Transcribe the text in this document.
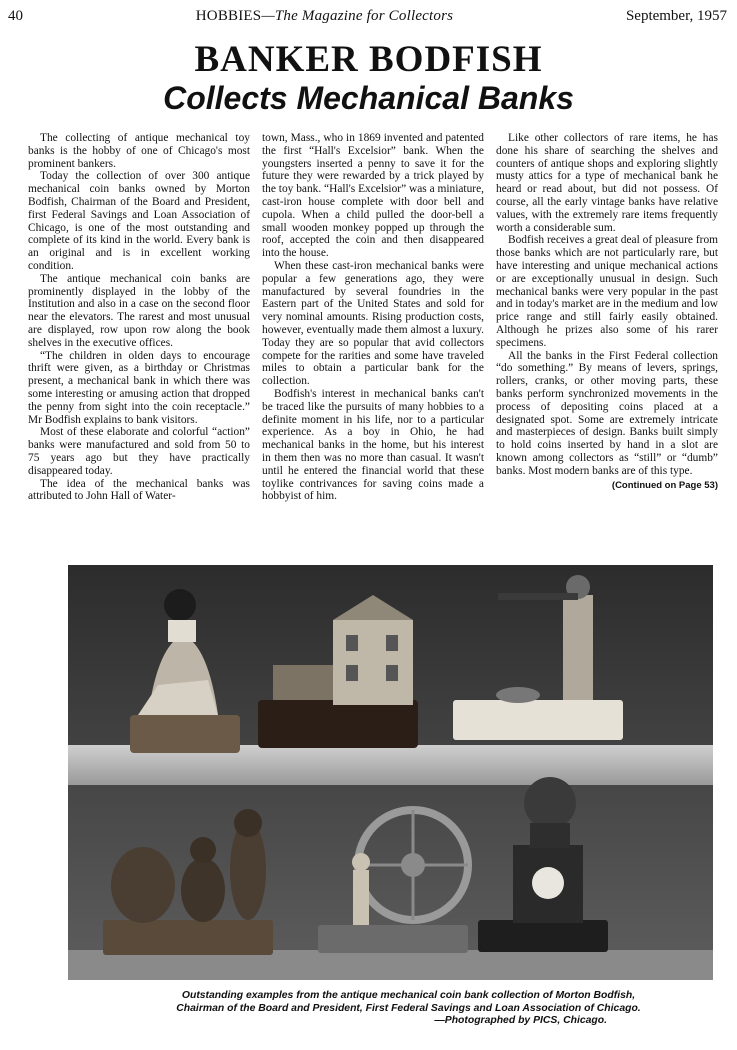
40	HOBBIES—The Magazine for Collectors	September, 1957
BANKER BODFISH
Collects Mechanical Banks

The collecting of antique mechanical toy banks is the hobby of one of Chicago's most prominent bankers.

Today the collection of over 300 antique mechanical coin banks owned by Morton Bodfish, Chairman of the Board and President, first Federal Savings and Loan Association of Chicago, is one of the most outstanding and complete of its kind in the world. Every bank is an original and is in excellent working condition.

The antique mechanical coin banks are prominently displayed in the lobby of the Institution and also in a case on the second floor near the elevators. The rarest and most unusual are displayed, row upon row along the book shelves in the executive offices.

“The children in olden days to encourage thrift were given, as a birthday or Christmas present, a mechanical bank in which there was some interesting or amusing action that dropped the penny from sight into the coin receptacle.” Mr Bodfish explains to bank visitors.

Most of these elaborate and colorful “action” banks were manufactured and sold from 50 to 75 years ago but they have practically disappeared today.

The idea of the mechanical banks was attributed to John Hall of Water-

town, Mass., who in 1869 invented and patented the first “Hall's Excelsior” bank. When the youngsters inserted a penny to save it for the future they were rewarded by a trick played by the toy bank. “Hall's Excelsior” was a miniature, cast-iron house complete with door bell and cupola. When a child pulled the door-bell a small wooden monkey popped up through the roof, accepted the coin and then disappeared into the house.

When these cast-iron mechanical banks were popular a few generations ago, they were manufactured by several foundries in the Eastern part of the United States and sold for very nominal amounts. Rising production costs, however, eventually made them almost a luxury. Today they are so popular that avid collectors compete for the rarities and some have traveled miles to obtain a particular bank for the collection.

Bodfish's interest in mechanical banks can't be traced like the pursuits of many hobbies to a definite moment in his life, nor to a particular experience. As a boy in Ohio, he had mechanical banks in the home, but his interest in them then was no more than casual. It wasn't until he entered the financial world that these toylike contrivances for saving coins made a hobbyist of him.

Like other collectors of rare items, he has done his share of searching the shelves and counters of antique shops and exploring slightly musty attics for a type of mechanical bank he heard or read about, but did not possess. Of course, all the early vintage banks have relative values, with the extremely rare items frequently worth a considerable sum.

Bodfish receives a great deal of pleasure from those banks which are not particularly rare, but have interesting and unique mechanical actions or are exceptionally unusual in design. Such mechanical banks were very popular in the past and in today's market are in the medium and low price range and still fairly easily obtained. Although he prizes also some of his rarer specimens.

All the banks in the First Federal collection “do something.” By means of levers, springs, rollers, cranks, or other moving parts, these banks perform synchronized movements in the process of depositing coins placed at a designated spot. Some are extremely intricate and masterpieces of design. Banks built simply to hold coins inserted by hand in a slot are known among collectors as “still” or “dumb” banks. Most modern banks are of this type.

(Continued on Page 53)
Outstanding examples from the antique mechanical coin bank collection of Morton Bodfish,
Chairman of the Board and President, First Federal Savings and Loan Association of Chicago.
—Photographed by PICS, Chicago.
